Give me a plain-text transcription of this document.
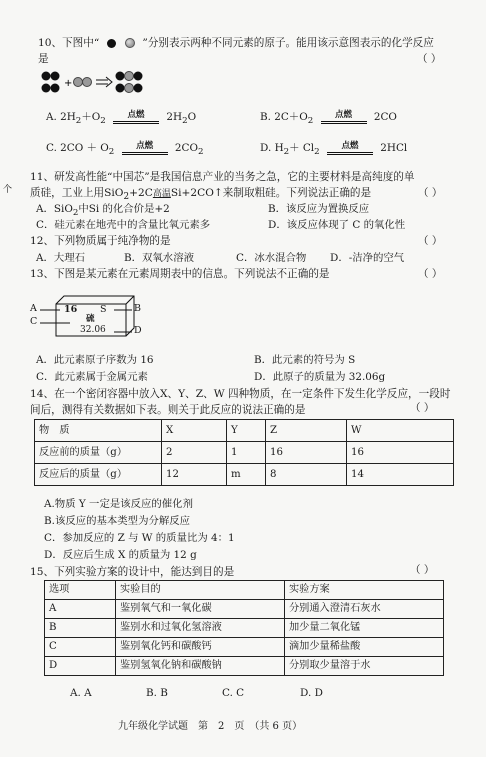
个
10、下图中“	”分别表示两种不同元素的原子。能用该示意图表示的化学反应
是	（ ）
+
A. $2H_2+O_2$
点燃	$2H_2O$	B. $2C+O_2$
点燃	2CO
C. $2CO + O_2$
点燃	$2CO_2$	D. $H_2+ Cl_2$
点燃	2HCl
11、研发高性能“中国芯”是我国信息产业的当务之急，它的主要材料是高纯度的单
质硅，工业上用SiO$_2$+2C高温Si+2CO↑来制取粗硅。下列说法正确的是	（ ）
A．SiO$_2$中Si 的化合价是+2	B．该反应为置换反应
C．硅元素在地壳中的含量比氧元素多	D．该反应体现了 C 的氧化性
12、下列物质属于纯净物的是	（ ）
A．大理石	B．双氧水溶液	C．冰水混合物 D．-洁净的空气
13、下图是某元素在元素周期表中的信息。下列说法不正确的是	（ ）
A
C
B
D
16 S
硫
32.06
A．此元素原子序数为 16	B．此元素的符号为 S
C．此元素属于金属元素	D．此原子的质量为 32.06g
14、在一个密闭容器中放入X、Y、Z、W 四种物质，在一定条件下发生化学反应，一段时
间后，测得有关数据如下表。则关于此反应的说法正确的是	（ ）
物　质	X	Y	Z	W
反应前的质量（g）	2	1	16	16
反应后的质量（g）	12	m	8	14
A.物质 Y 一定是该反应的催化剂
B.该反应的基本类型为分解反应
C．参加反应的 Z 与 W 的质量比为 4：1
D．反应后生成 X 的质量为 12 g
15、下列实验方案的设计中，能达到目的是	（ ）
选项	实验目的	实验方案
A	鉴别氧气和一氧化碳	分别通入澄清石灰水
B	鉴别水和过氧化氢溶液	加少量二氧化锰
C	鉴别氧化钙和碳酸钙	滴加少量稀盐酸
D	鉴别氢氧化钠和碳酸钠	分别取少量溶于水
A. A	B. B	C. C	D. D
九年级化学试题　第　2　页　（共 6 页）
